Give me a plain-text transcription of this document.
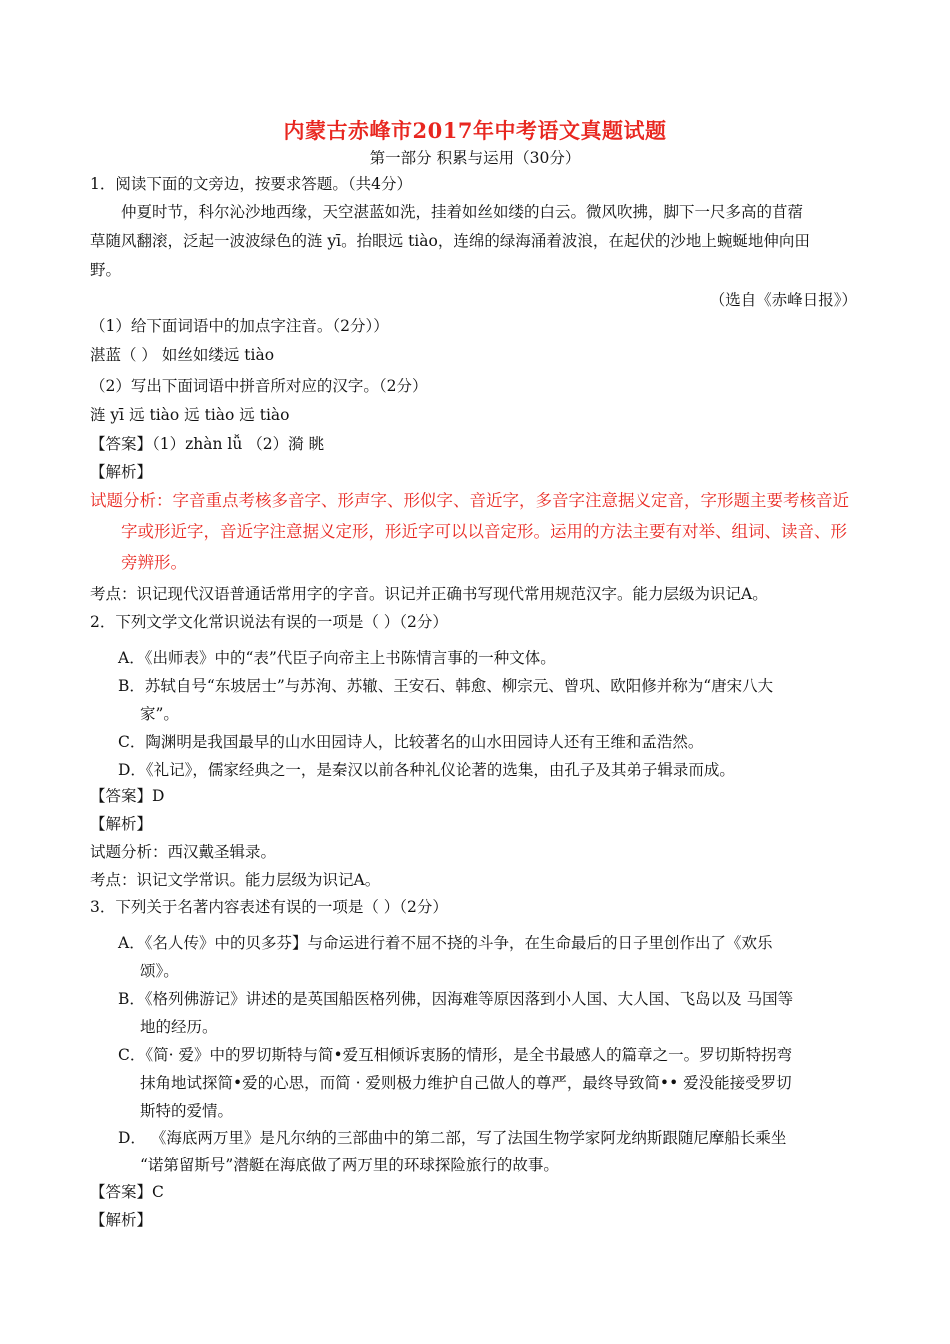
内蒙古赤峰市2017年中考语文真题试题
第一部分 积累与运用（30分）
1．阅读下面的文旁边，按要求答题。（共4分）
仲夏时节，科尔沁沙地西缘，天空湛蓝如洗，挂着如丝如缕的白云。微风吹拂，脚下一尺多高的苜蓿
草随风翻滚，泛起一波波绿色的涟 yī。抬眼远 tiào，连绵的绿海涌着波浪，在起伏的沙地上蜿蜒地伸向田
野。
（选自《赤峰日报》）
（1）给下面词语中的加点字注音。（2分））
湛蓝（ ） 如丝如缕远 tiào
（2）写出下面词语中拼音所对应的汉字。（2分）
涟 yī 远 tiào 远 tiào 远 tiào
【答案】（1）zhàn lǚ （2）漪 眺
【解析】
试题分析：字音重点考核多音字、形声字、形似字、音近字，多音字注意据义定音，字形题主要考核音近
字或形近字，音近字注意据义定形，形近字可以以音定形。运用的方法主要有对举、组词、读音、形
旁辨形。
考点：识记现代汉语普通话常用字的字音。识记并正确书写现代常用规范汉字。能力层级为识记A。
2．下列文学文化常识说法有误的一项是（ ）（2分）
A．《出师表》中的“表”代臣子向帝主上书陈情言事的一种文体。
B．苏轼自号“东坡居士”与苏洵、苏辙、王安石、韩愈、柳宗元、曾巩、欧阳修并称为“唐宋八大
家”。
C．陶渊明是我国最早的山水田园诗人，比较著名的山水田园诗人还有王维和孟浩然。
D．《礼记》，儒家经典之一，是秦汉以前各种礼仪论著的选集，由孔子及其弟子辑录而成。
【答案】D
【解析】
试题分析：西汉戴圣辑录。
考点：识记文学常识。能力层级为识记A。
3．下列关于名著内容表述有误的一项是（ ）（2分）
A．《名人传》中的贝多芬】与命运进行着不屈不挠的斗争，在生命最后的日子里创作出了《欢乐
颂》。
B．《格列佛游记》讲述的是英国船医格列佛，因海难等原因落到小人国、大人国、飞岛以及 马国等
地的经历。
C．《简· 爱》中的罗切斯特与简•爱互相倾诉衷肠的情形，是全书最感人的篇章之一。罗切斯特拐弯
抹角地试探简•爱的心思，而简 · 爱则极力维护自己做人的尊严，最终导致简•• 爱没能接受罗切
斯特的爱情。
D． 《海底两万里》是凡尔纳的三部曲中的第二部，写了法国生物学家阿龙纳斯跟随尼摩船长乘坐
“诺第留斯号”潜艇在海底做了两万里的环球探险旅行的故事。
【答案】C
【解析】
